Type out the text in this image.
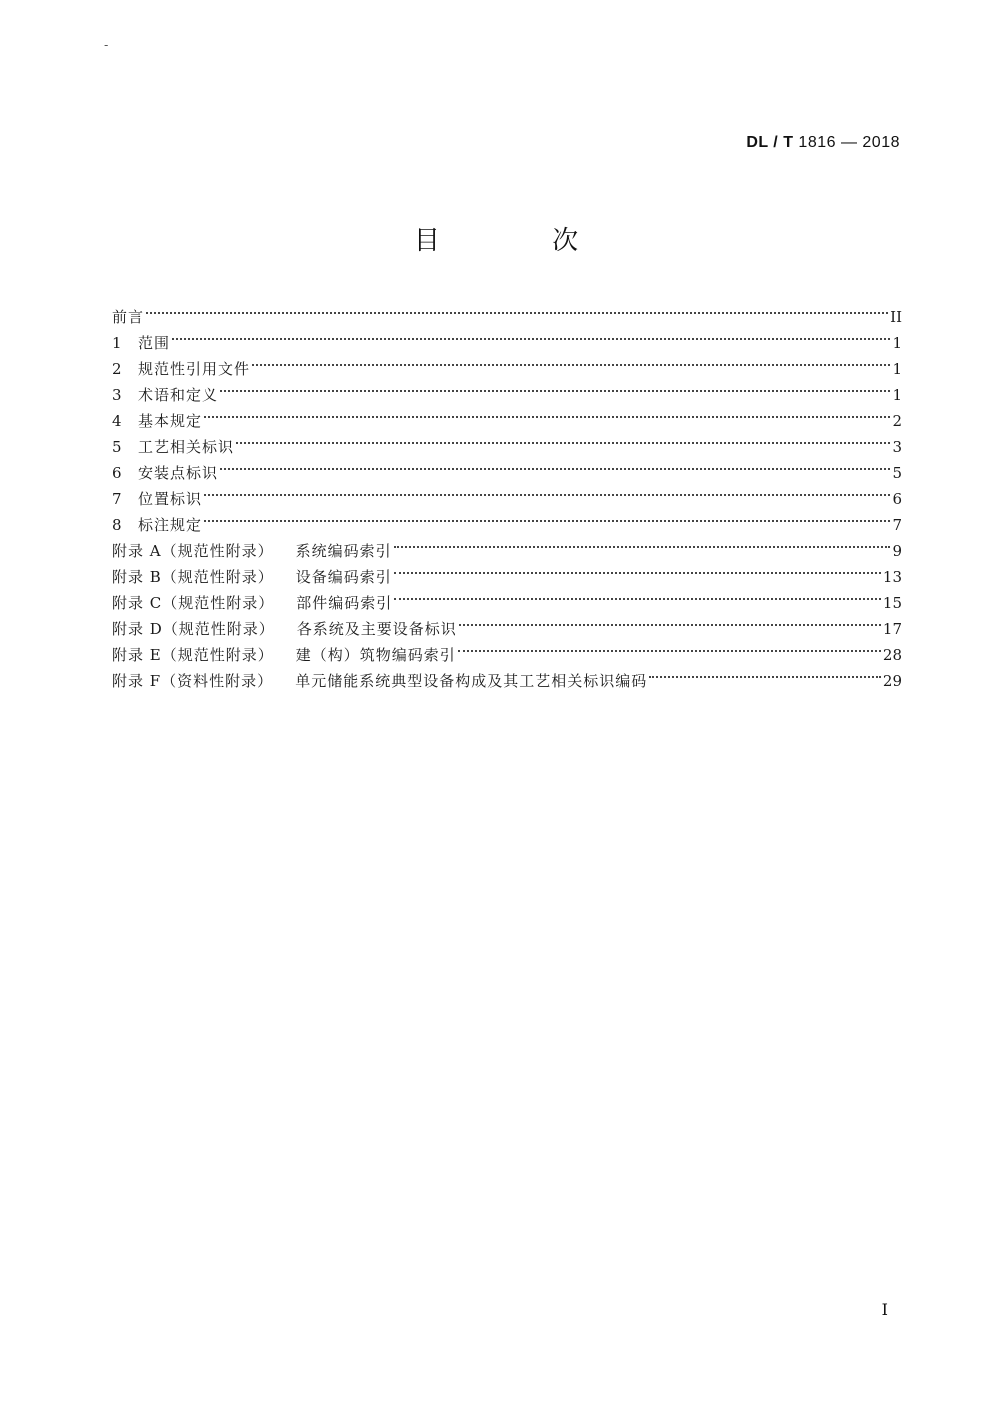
-
DL / T 1816 — 2018
目 次
前言	II
1	范围	1
2	规范性引用文件	1
3	术语和定义	1
4	基本规定	2
5	工艺相关标识	3
6	安装点标识	5
7	位置标识	6
8	标注规定	7
附录 A（规范性附录） 系统编码索引	9
附录 B（规范性附录） 设备编码索引	13
附录 C（规范性附录） 部件编码索引	15
附录 D（规范性附录） 各系统及主要设备标识	17
附录 E（规范性附录） 建（构）筑物编码索引	28
附录 F（资料性附录） 单元储能系统典型设备构成及其工艺相关标识编码	29
I
